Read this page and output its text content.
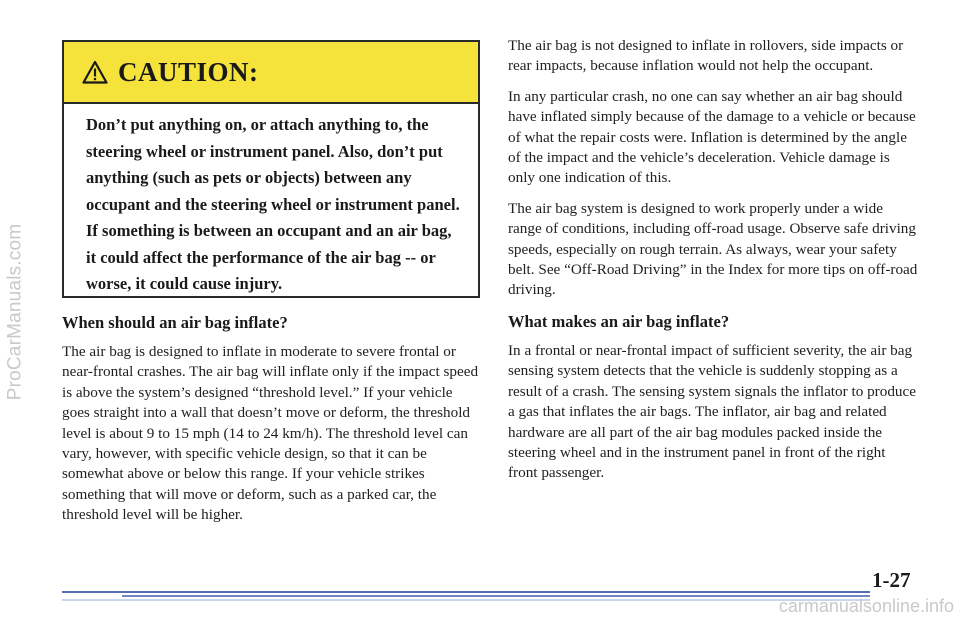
ProCarManuals.com
CAUTION:
Don’t put anything on, or attach anything to, the steering wheel or instrument panel. Also, don’t put anything (such as pets or objects) between any occupant and the steering wheel or instrument panel. If something is between an occupant and an air bag, it could affect the performance of the air bag -- or worse, it could cause injury.
When should an air bag inflate?

The air bag is designed to inflate in moderate to severe frontal or near-frontal crashes. The air bag will inflate only if the impact speed is above the system’s designed “threshold level.” If your vehicle goes straight into a wall that doesn’t move or deform, the threshold level is about 9 to 15 mph (14 to 24 km/h). The threshold level can vary, however, with specific vehicle design, so that it can be somewhat above or below this range. If your vehicle strikes something that will move or deform, such as a parked car, the threshold level will be higher.

The air bag is not designed to inflate in rollovers, side impacts or rear impacts, because inflation would not help the occupant.

In any particular crash, no one can say whether an air bag should have inflated simply because of the damage to a vehicle or because of what the repair costs were. Inflation is determined by the angle of the impact and the vehicle’s deceleration. Vehicle damage is only one indication of this.

The air bag system is designed to work properly under a wide range of conditions, including off-road usage. Observe safe driving speeds, especially on rough terrain. As always, wear your safety belt. See “Off-Road Driving” in the Index for more tips on off-road driving.

What makes an air bag inflate?

In a frontal or near-frontal impact of sufficient severity, the air bag sensing system detects that the vehicle is suddenly stopping as a result of a crash. The sensing system signals the inflator to produce a gas that inflates the air bags. The inflator, air bag and related hardware are all part of the air bag modules packed inside the steering wheel and in the instrument panel in front of the right front passenger.

1-27
carmanualsonline.info
